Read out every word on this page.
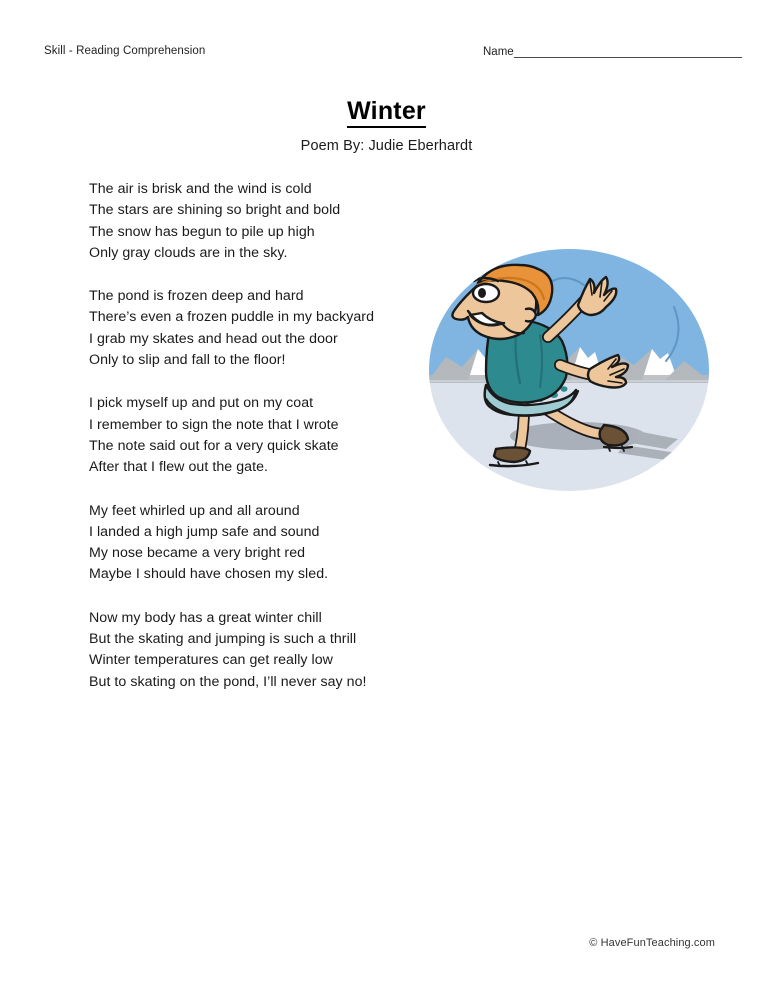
Skill - Reading Comprehension	Name
Winter
Poem By: Judie Eberhardt
The air is brisk and the wind is cold
The stars are shining so bright and bold
The snow has begun to pile up high
Only gray clouds are in the sky.
The pond is frozen deep and hard
There’s even a frozen puddle in my backyard
I grab my skates and head out the door
Only to slip and fall to the floor!
I pick myself up and put on my coat
I remember to sign the note that I wrote
The note said out for a very quick skate
After that I flew out the gate.
My feet whirled up and all around
I landed a high jump safe and sound
My nose became a very bright red
Maybe I should have chosen my sled.
Now my body has a great winter chill
But the skating and jumping is such a thrill
Winter temperatures can get really low
But to skating on the pond, I’ll never say no!
© HaveFunTeaching.com
